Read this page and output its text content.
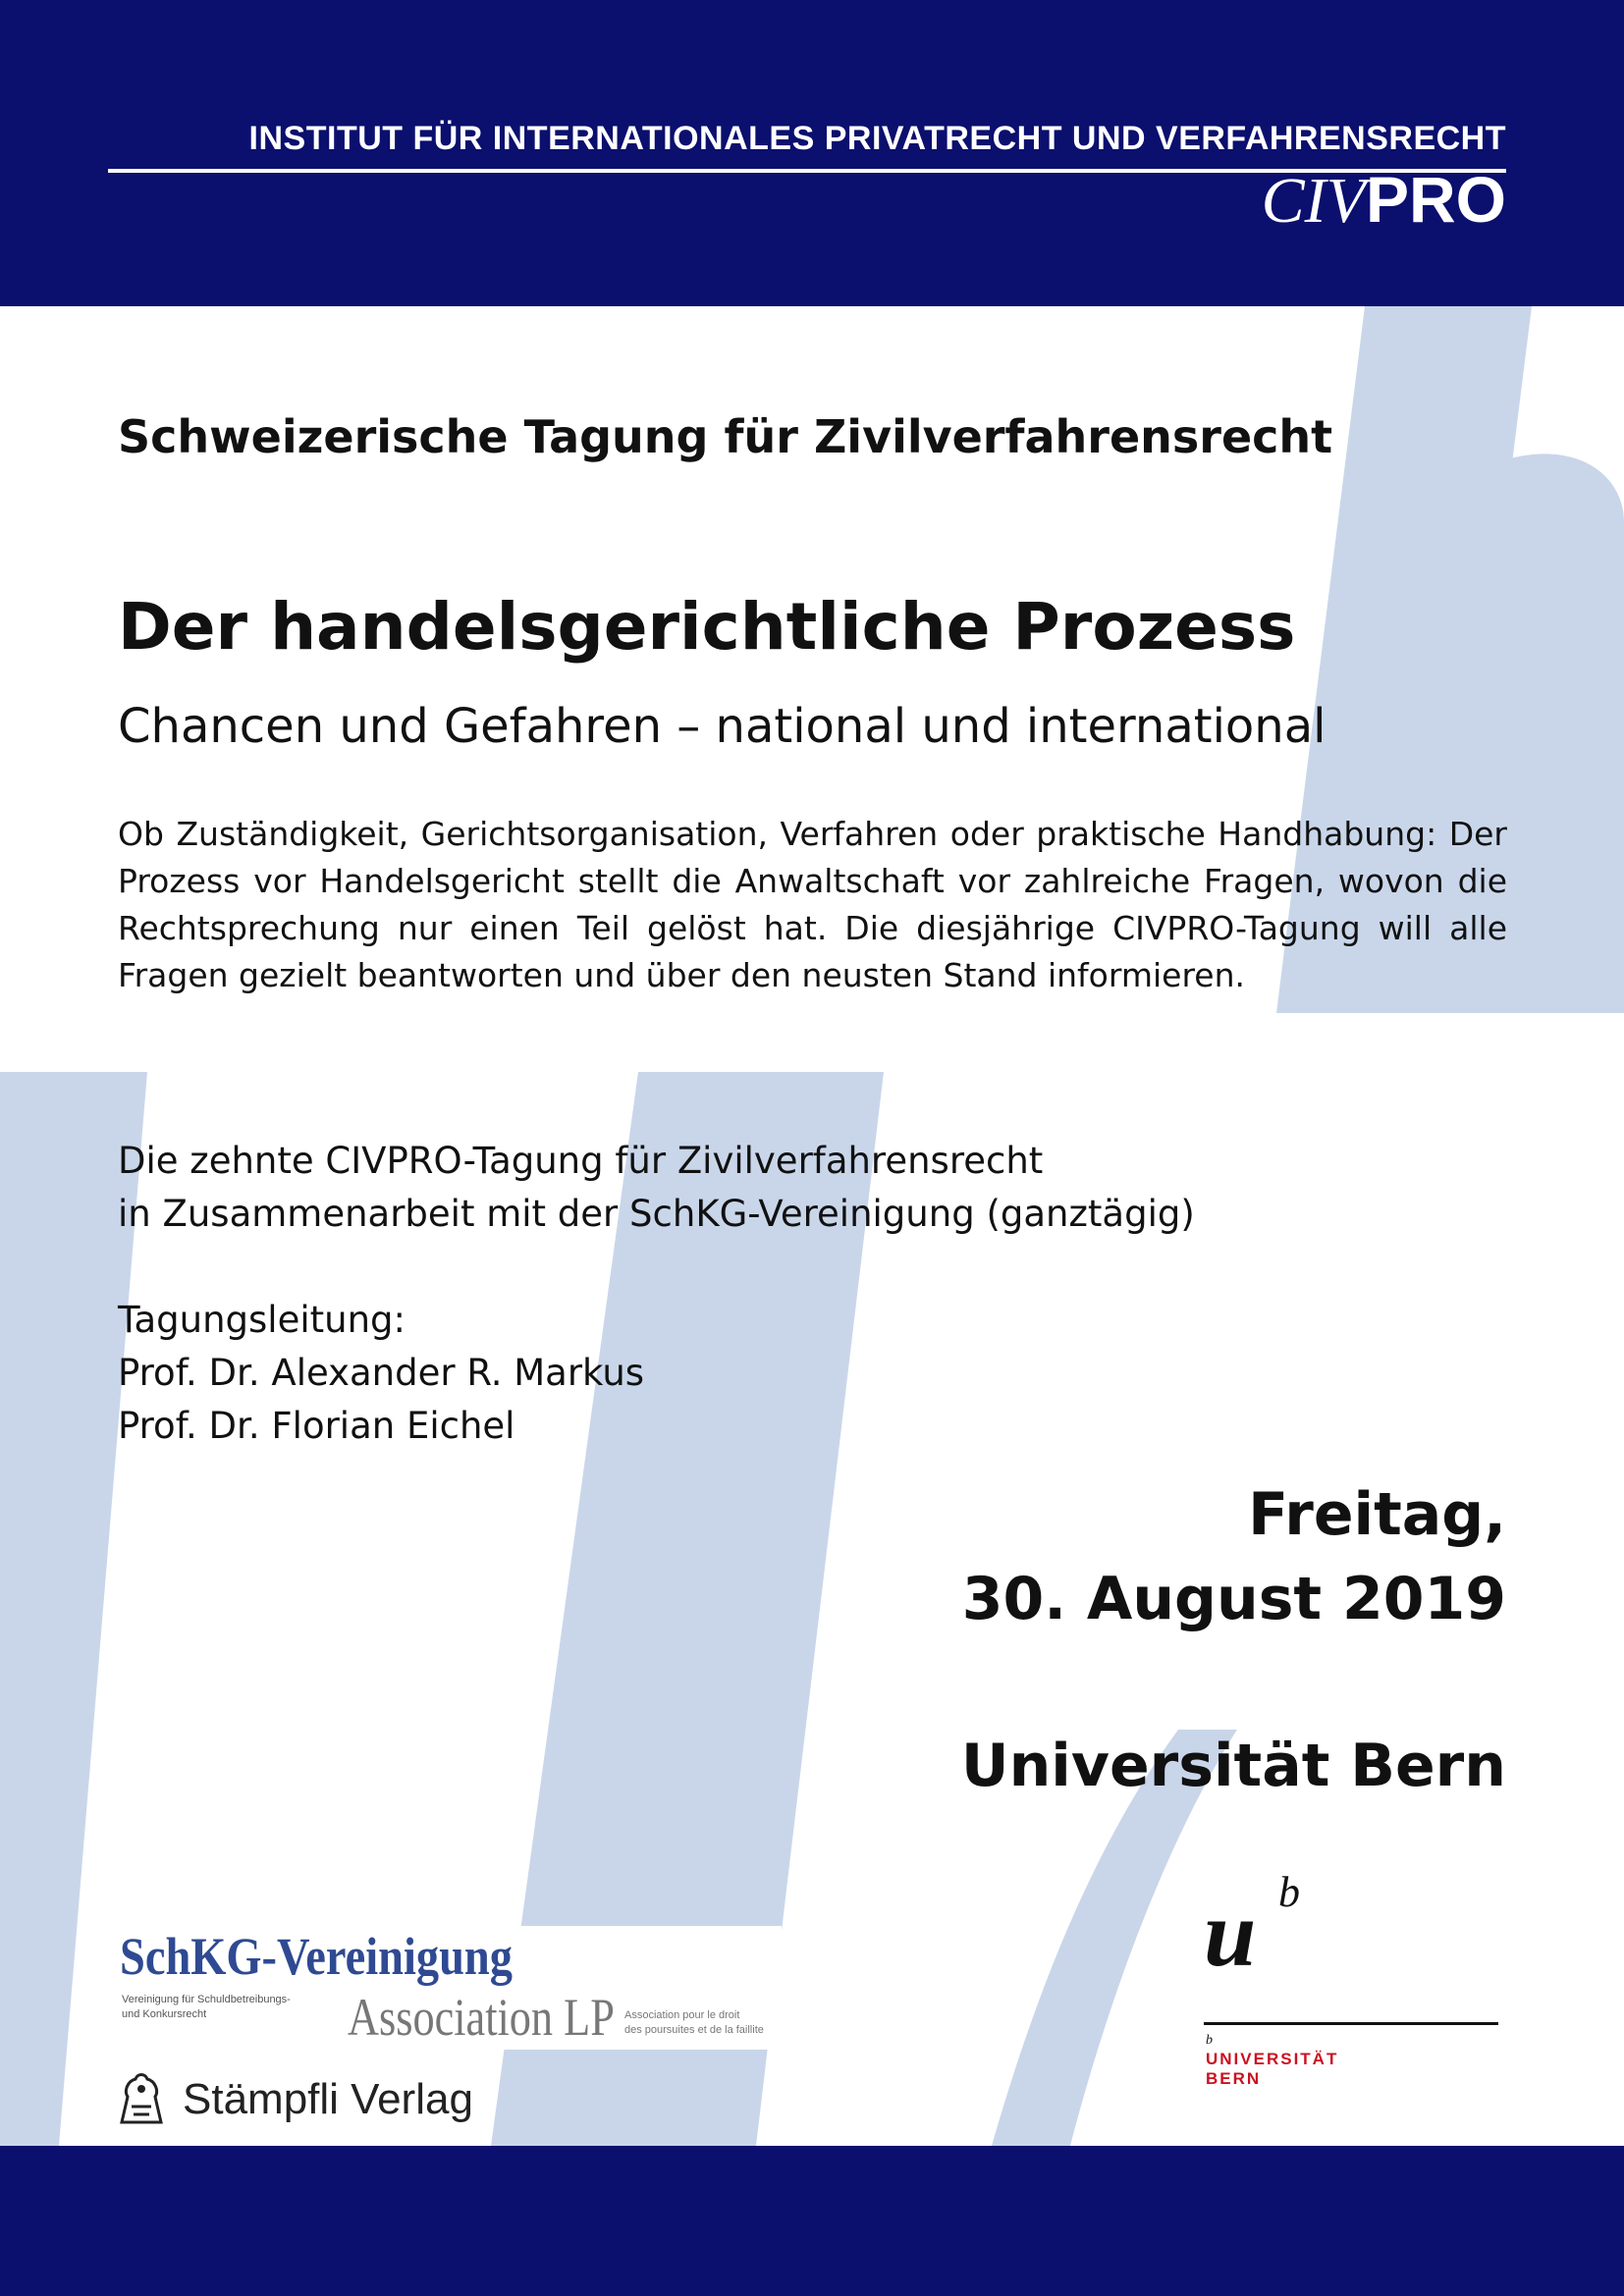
INSTITUT FÜR INTERNATIONALES PRIVATRECHT UND VERFAHRENSRECHT
CIVPRO
Schweizerische Tagung für Zivilverfahrensrecht
Der handelsgerichtliche Prozess
Chancen und Gefahren – national und international
Ob Zuständigkeit, Gerichtsorganisation, Verfahren oder praktische Handhabung: Der Prozess vor Handelsgericht stellt die Anwaltschaft vor zahlreiche Fragen, wovon die Rechtsprechung nur einen Teil gelöst hat. Die diesjährige CIVPRO-Tagung will alle Fragen gezielt beantworten und über den neusten Stand informieren.
Die zehnte CIVPRO-Tagung für Zivilverfahrensrecht
in Zusammenarbeit mit der SchKG-Vereinigung (ganztägig)
Tagungsleitung:
Prof. Dr. Alexander R. Markus
Prof. Dr. Florian Eichel
Freitag,
30. August 2019
Universität Bern
u b
b
UNIVERSITÄT
BERN
SchKG-Vereinigung
Vereinigung für Schuldbetreibungs-
und Konkursrecht	Association LP Association pour le droit
des poursuites et de la faillite
Stämpfli Verlag
